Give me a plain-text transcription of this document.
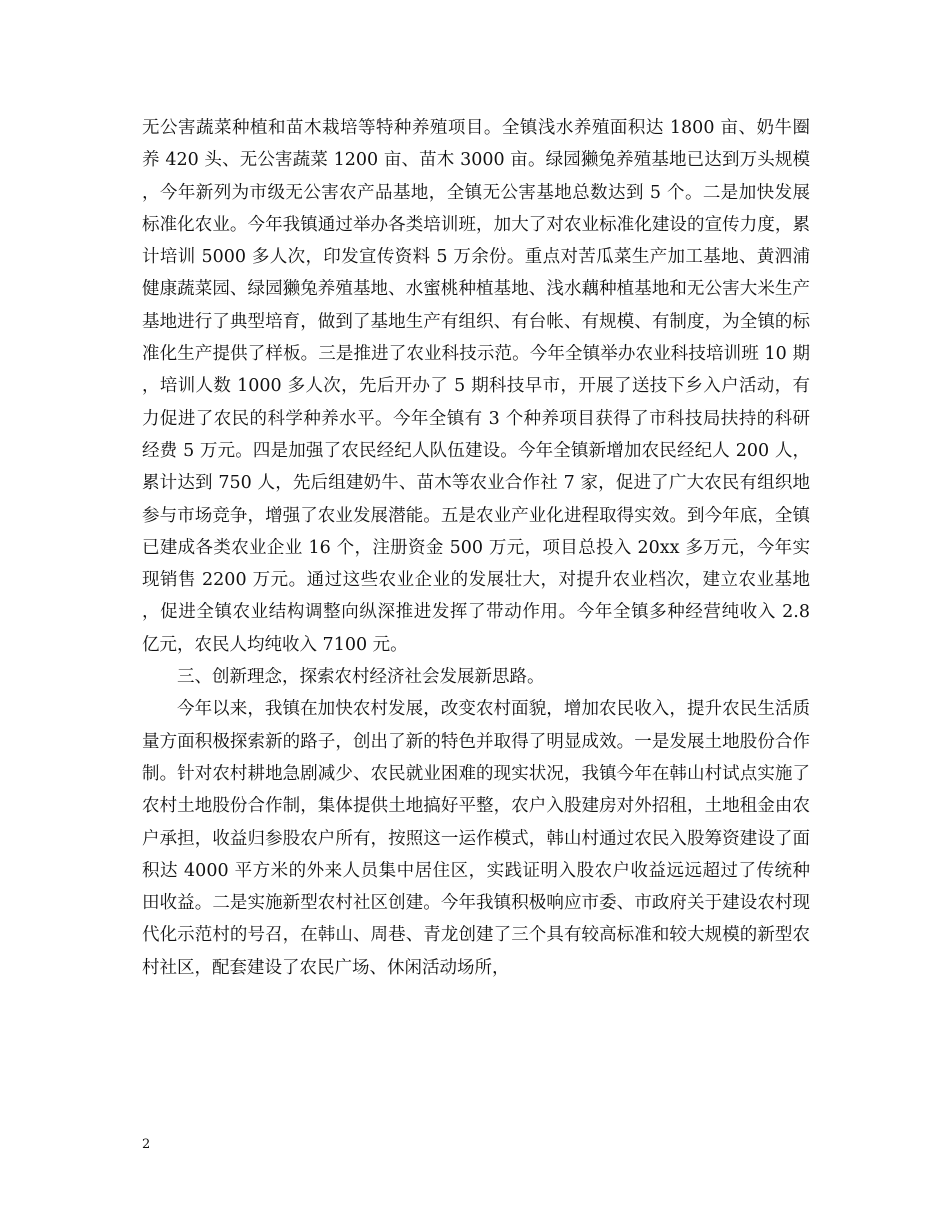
无公害蔬菜种植和苗木栽培等特种养殖项目。全镇浅水养殖面积达 1800 亩、奶牛圈养 420 头、无公害蔬菜 1200 亩、苗木 3000 亩。绿园獭兔养殖基地已达到万头规模，今年新列为市级无公害农产品基地，全镇无公害基地总数达到 5 个。二是加快发展标准化农业。今年我镇通过举办各类培训班，加大了对农业标准化建设的宣传力度，累计培训 5000 多人次，印发宣传资料 5 万余份。重点对苦瓜菜生产加工基地、黄泗浦健康蔬菜园、绿园獭兔养殖基地、水蜜桃种植基地、浅水藕种植基地和无公害大米生产基地进行了典型培育，做到了基地生产有组织、有台帐、有规模、有制度，为全镇的标准化生产提供了样板。三是推进了农业科技示范。今年全镇举办农业科技培训班 10 期，培训人数 1000 多人次，先后开办了 5 期科技早市，开展了送技下乡入户活动，有力促进了农民的科学种养水平。今年全镇有 3 个种养项目获得了市科技局扶持的科研经费 5 万元。四是加强了农民经纪人队伍建设。今年全镇新增加农民经纪人 200 人，累计达到 750 人，先后组建奶牛、苗木等农业合作社 7 家，促进了广大农民有组织地参与市场竞争，增强了农业发展潜能。五是农业产业化进程取得实效。到今年底，全镇已建成各类农业企业 16 个，注册资金 500 万元，项目总投入 20xx 多万元，今年实现销售 2200 万元。通过这些农业企业的发展壮大，对提升农业档次，建立农业基地，促进全镇农业结构调整向纵深推进发挥了带动作用。今年全镇多种经营纯收入 2.8 亿元，农民人均纯收入 7100 元。

三、创新理念，探索农村经济社会发展新思路。

今年以来，我镇在加快农村发展，改变农村面貌，增加农民收入，提升农民生活质量方面积极探索新的路子，创出了新的特色并取得了明显成效。一是发展土地股份合作制。针对农村耕地急剧减少、农民就业困难的现实状况，我镇今年在韩山村试点实施了农村土地股份合作制，集体提供土地搞好平整，农户入股建房对外招租，土地租金由农户承担，收益归参股农户所有，按照这一运作模式，韩山村通过农民入股筹资建设了面积达 4000 平方米的外来人员集中居住区，实践证明入股农户收益远远超过了传统种田收益。二是实施新型农村社区创建。今年我镇积极响应市委、市政府关于建设农村现代化示范村的号召，在韩山、周巷、青龙创建了三个具有较高标准和较大规模的新型农村社区，配套建设了农民广场、休闲活动场所，

2
